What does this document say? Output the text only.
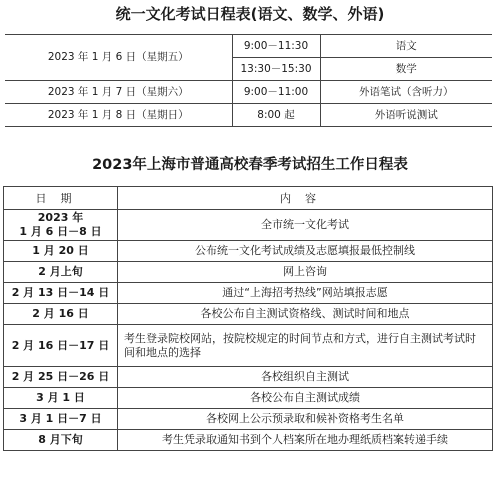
统一文化考试日程表(语文、数学、外语)
2023 年 1 月 6 日（星期五）	9:00－11:30	语文
	13:30－15:30	数学
2023 年 1 月 7 日（星期六）	9:00－11:00	外语笔试（含听力）
2023 年 1 月 8 日（星期日）	8:00 起	外语听说测试
2023年上海市普通高校春季考试招生工作日程表
日期	内容

2023 年
1 月 6 日－8 日	全市统一文化考试
1 月 20 日	公布统一文化考试成绩及志愿填报最低控制线
2 月上旬	网上咨询
2 月 13 日－14 日	通过“上海招考热线”网站填报志愿
2 月 16 日	各校公布自主测试资格线、测试时间和地点
2 月 16 日－17 日	考生登录院校网站，按院校规定的时间节点和方式，进行自主测试考试时间和地点的选择
2 月 25 日－26 日	各校组织自主测试
3 月 1 日	各校公布自主测试成绩
3 月 1 日－7 日	各校网上公示预录取和候补资格考生名单
8 月下旬	考生凭录取通知书到个人档案所在地办理纸质档案转递手续
